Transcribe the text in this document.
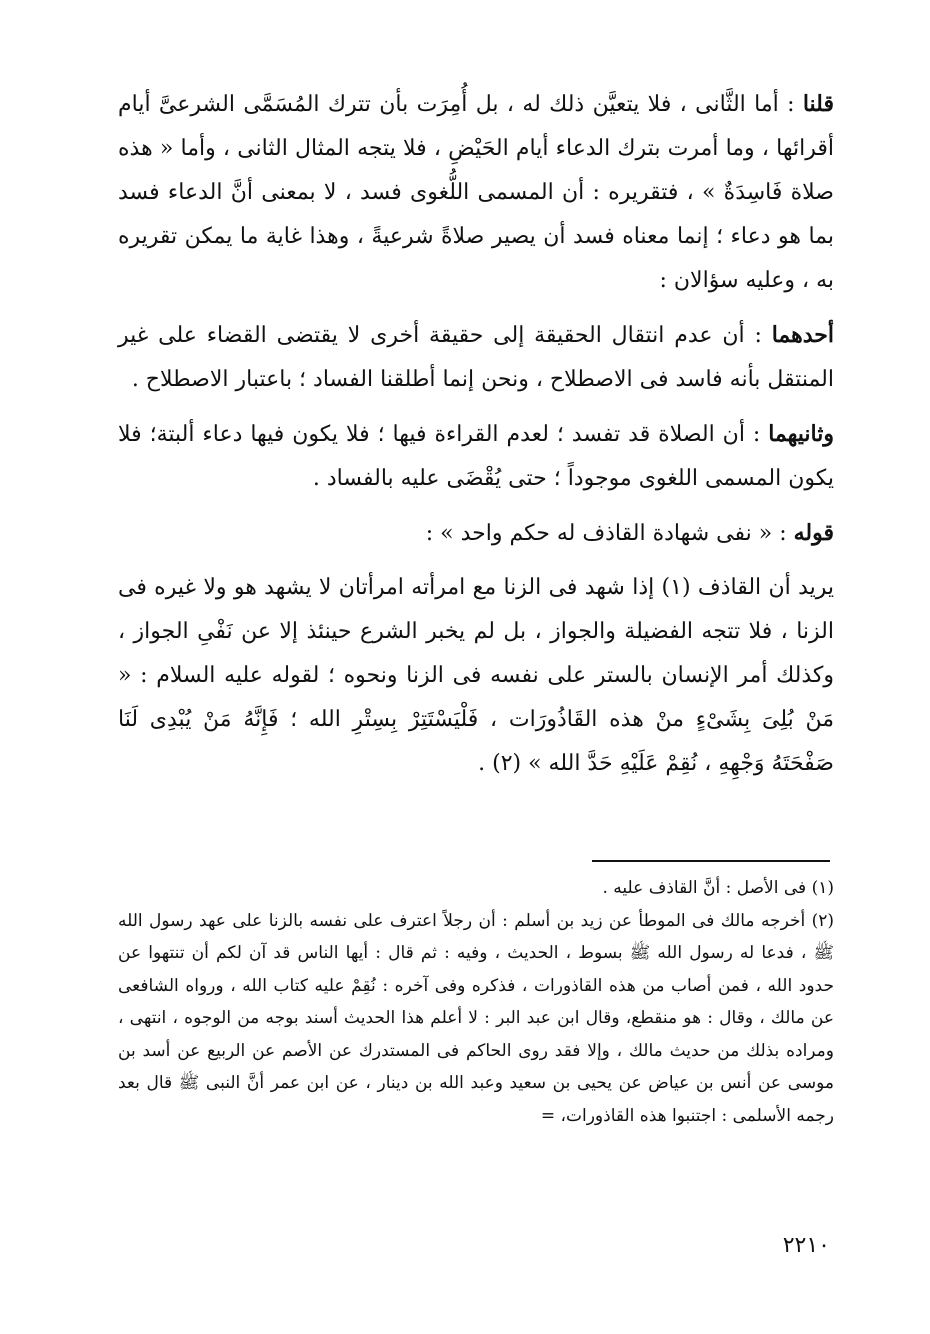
قلنا : أما الثَّانى ، فلا يتعيَّن ذلك له ، بل أُمِرَت بأن تترك المُسَمَّى الشرعىَّ أيام أقرائها ، وما أمرت بترك الدعاء أيام الحَيْضِ ، فلا يتجه المثال الثانى ، وأما « هذه صلاة فَاسِدَةٌ » ، فتقريره : أن المسمى اللُّغوى فسد ، لا بمعنى أنَّ الدعاء فسد بما هو دعاء ؛ إنما معناه فسد أن يصير صلاةً شرعيةً ، وهذا غاية ما يمكن تقريره به ، وعليه سؤالان :

أحدهما : أن عدم انتقال الحقيقة إلى حقيقة أخرى لا يقتضى القضاء على غير المنتقل بأنه فاسد فى الاصطلاح ، ونحن إنما أطلقنا الفساد ؛ باعتبار الاصطلاح .

وثانيهما : أن الصلاة قد تفسد ؛ لعدم القراءة فيها ؛ فلا يكون فيها دعاء ألبتة؛ فلا يكون المسمى اللغوى موجوداً ؛ حتى يُقْضَى عليه بالفساد .

قوله : « نفى شهادة القاذف له حكم واحد » :

يريد أن القاذف (١) إذا شهد فى الزنا مع امرأته امرأتان لا يشهد هو ولا غيره فى الزنا ، فلا تتجه الفضيلة والجواز ، بل لم يخبر الشرع حينئذ إلا عن نَفْىِ الجواز ، وكذلك أمر الإنسان بالستر على نفسه فى الزنا ونحوه ؛ لقوله عليه السلام : « مَنْ بُلِىَ بِشَىْءٍ منْ هذه القَاذُورَات ، فَلْيَسْتَتِرْ بِسِتْرِ الله ؛ فَإِنَّهُ مَنْ يُبْدِى لَنَا صَفْحَتَهُ وَجْهِهِ ، نُقِمْ عَلَيْهِ حَدَّ الله » (٢) .

(١) فى الأصل : أنَّ القاذف عليه .

(٢) أخرجه مالك فى الموطأ عن زيد بن أسلم : أن رجلاً اعترف على نفسه بالزنا على عهد رسول الله ﷺ ، فدعا له رسول الله ﷺ بسوط ، الحديث ، وفيه : ثم قال : أيها الناس قد آن لكم أن تنتهوا عن حدود الله ، فمن أصاب من هذه القاذورات ، فذكره وفى آخره : نُقِمْ عليه كتاب الله ، ورواه الشافعى عن مالك ، وقال : هو منقطع، وقال ابن عبد البر : لا أعلم هذا الحديث أسند بوجه من الوجوه ، انتهى ، ومراده بذلك من حديث مالك ، وإلا فقد روى الحاكم فى المستدرك عن الأصم عن الربيع عن أسد بن موسى عن أنس بن عياض عن يحيى بن سعيد وعبد الله بن دينار ، عن ابن عمر أنَّ النبى ﷺ قال بعد رجمه الأسلمى : اجتنبوا هذه القاذورات، =

٢٢١٠
